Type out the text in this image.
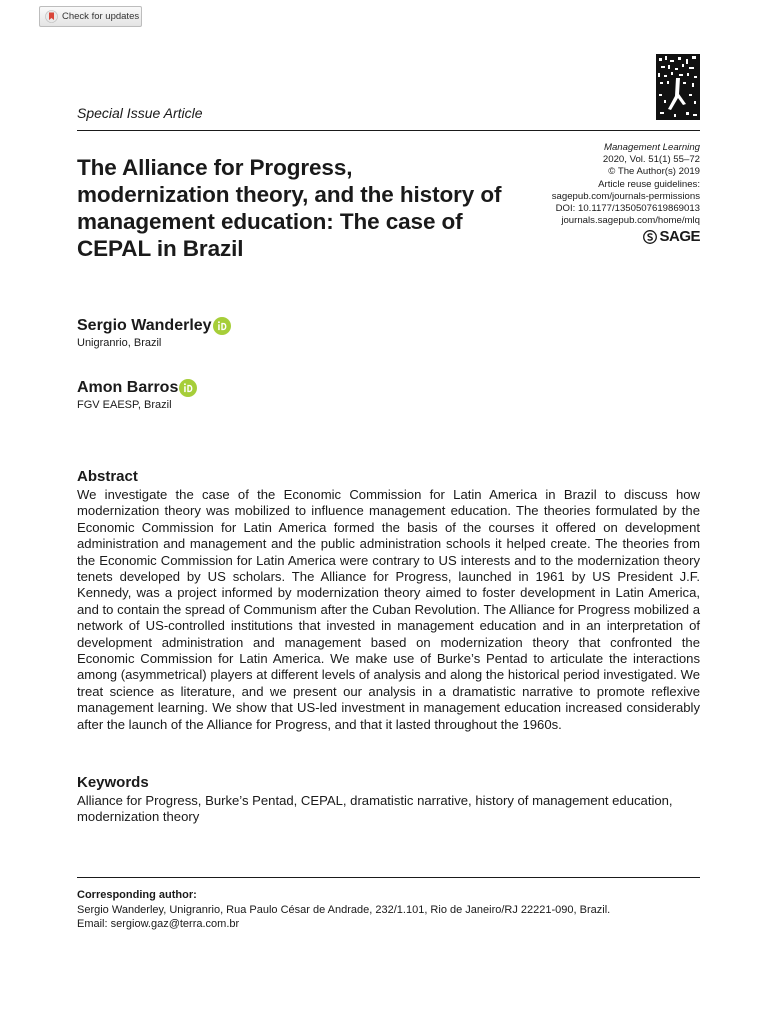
Check for updates
Special Issue Article
The Alliance for Progress, modernization theory, and the history of management education: The case of CEPAL in Brazil
Management Learning
2020, Vol. 51(1) 55–72
© The Author(s) 2019
Article reuse guidelines:
sagepub.com/journals-permissions
DOI: 10.1177/1350507619869013
journals.sagepub.com/home/mlq
SAGE
Sergio Wanderley
Unigranrio, Brazil
Amon Barros
FGV EAESP, Brazil
Abstract

We investigate the case of the Economic Commission for Latin America in Brazil to discuss how modernization theory was mobilized to influence management education. The theories formulated by the Economic Commission for Latin America formed the basis of the courses it offered on development administration and management and the public administration schools it helped create. The theories from the Economic Commission for Latin America were contrary to US interests and to the modernization theory tenets developed by US scholars. The Alliance for Progress, launched in 1961 by US President J.F. Kennedy, was a project informed by modernization theory aimed to foster development in Latin America, and to contain the spread of Communism after the Cuban Revolution. The Alliance for Progress mobilized a network of US-controlled institutions that invested in management education and in an interpretation of development administration and management based on modernization theory that confronted the Economic Commission for Latin America. We make use of Burke’s Pentad to articulate the interactions among (asymmetrical) players at different levels of analysis and along the historical period investigated. We treat science as literature, and we present our analysis in a dramatistic narrative to promote reflexive management learning. We show that US-led investment in management education increased considerably after the launch of the Alliance for Progress, and that it lasted throughout the 1960s.

Keywords

Alliance for Progress, Burke’s Pentad, CEPAL, dramatistic narrative, history of management education, modernization theory

Corresponding author:
Sergio Wanderley, Unigranrio, Rua Paulo César de Andrade, 232/1.101, Rio de Janeiro/RJ 22221-090, Brazil.
Email: sergiow.gaz@terra.com.br
